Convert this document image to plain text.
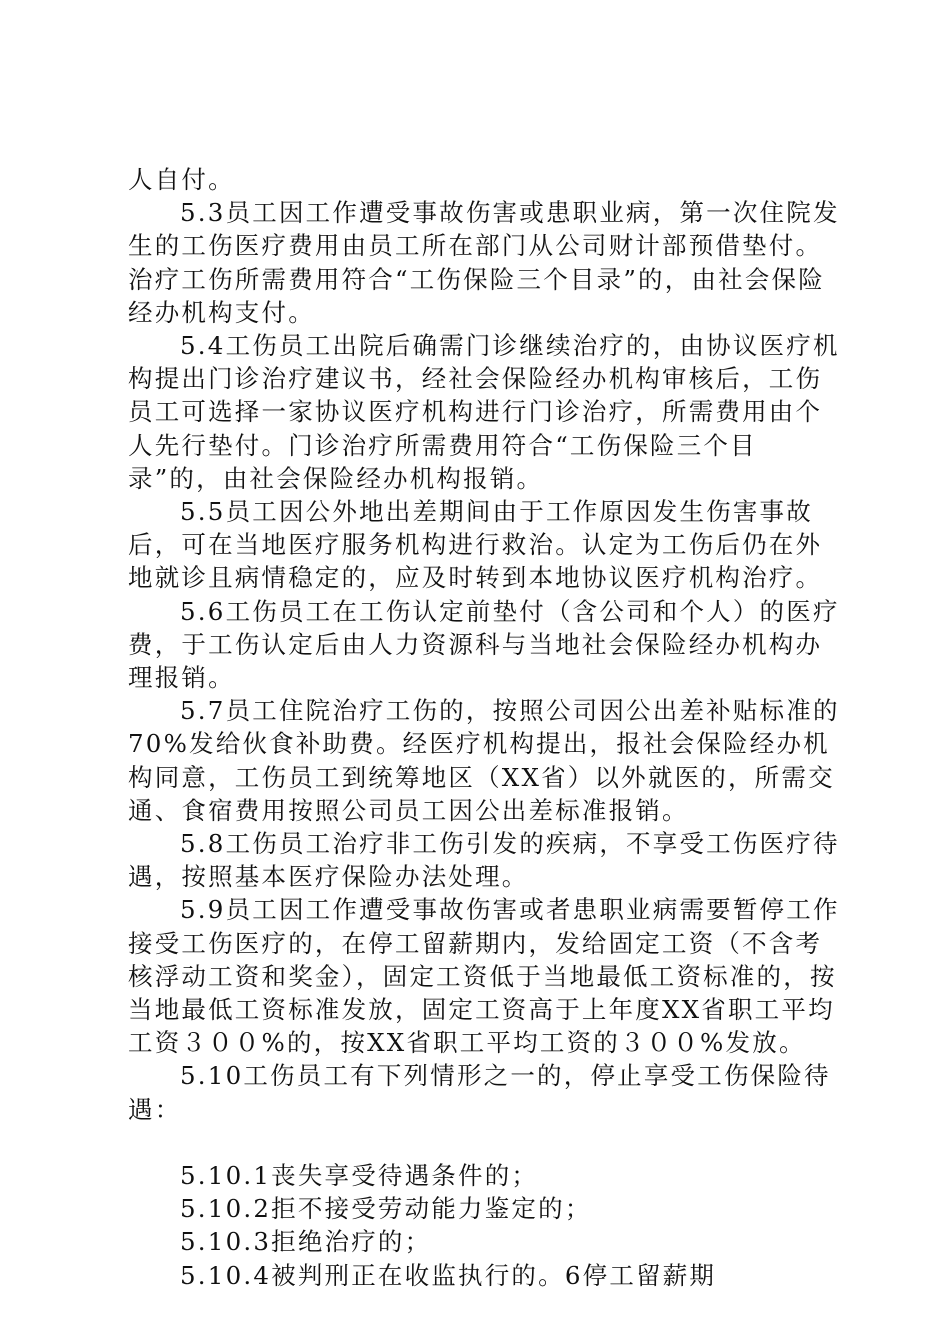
人自付。

5.3员工因工作遭受事故伤害或患职业病，第一次住院发生的工伤医疗费用由员工所在部门从公司财计部预借垫付。治疗工伤所需费用符合“工伤保险三个目录”的，由社会保险经办机构支付。

5.4工伤员工出院后确需门诊继续治疗的，由协议医疗机构提出门诊治疗建议书，经社会保险经办机构审核后，工伤员工可选择一家协议医疗机构进行门诊治疗，所需费用由个人先行垫付。门诊治疗所需费用符合“工伤保险三个目录”的，由社会保险经办机构报销。

5.5员工因公外地出差期间由于工作原因发生伤害事故后，可在当地医疗服务机构进行救治。认定为工伤后仍在外地就诊且病情稳定的，应及时转到本地协议医疗机构治疗。

5.6工伤员工在工伤认定前垫付（含公司和个人）的医疗费，于工伤认定后由人力资源科与当地社会保险经办机构办理报销。

5.7员工住院治疗工伤的，按照公司因公出差补贴标准的70%发给伙食补助费。经医疗机构提出，报社会保险经办机构同意，工伤员工到统筹地区（XX省）以外就医的，所需交通、食宿费用按照公司员工因公出差标准报销。

5.8工伤员工治疗非工伤引发的疾病，不享受工伤医疗待遇，按照基本医疗保险办法处理。

5.9员工因工作遭受事故伤害或者患职业病需要暂停工作接受工伤医疗的，在停工留薪期内，发给固定工资（不含考核浮动工资和奖金），固定工资低于当地最低工资标准的，按当地最低工资标准发放，固定工资高于上年度XX省职工平均工资３００%的，按XX省职工平均工资的３００%发放。

5.10工伤员工有下列情形之一的，停止享受工伤保险待遇：

5.10.1丧失享受待遇条件的；

5.10.2拒不接受劳动能力鉴定的；

5.10.3拒绝治疗的；

5.10.4被判刑正在收监执行的。6停工留薪期
